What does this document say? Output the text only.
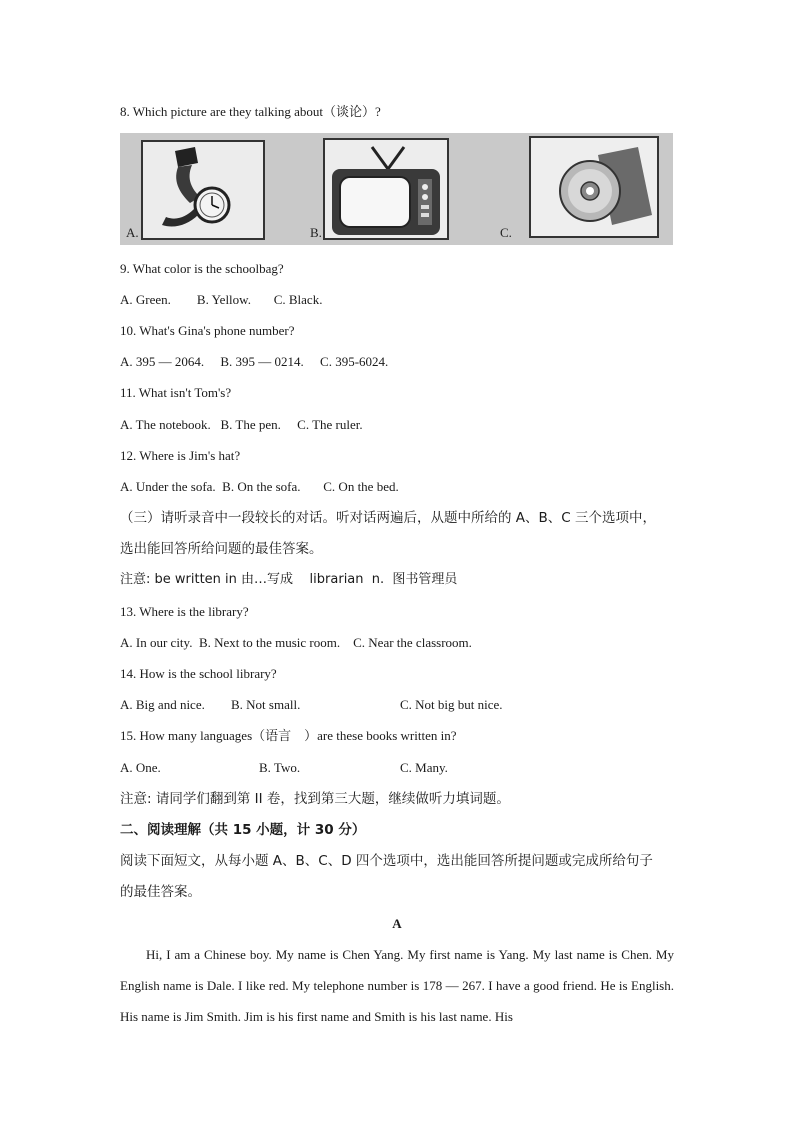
8. Which picture are they talking about（谈论）?
A.	B.	C.
9. What color is the schoolbag?
A. Green.        B. Yellow.       C. Black.
10. What's Gina's phone number?
A. 395 — 2064.     B. 395 — 0214.     C. 395-6024.
11. What isn't Tom's?
A. The notebook.   B. The pen.     C. The ruler.
12. Where is Jim's hat?
A. Under the sofa.  B. On the sofa.       C. On the bed.
（三）请听录音中一段较长的对话。听对话两遍后，从题中所给的 A、B、C 三个选项中，
选出能回答所给问题的最佳答案。
注意: be written in 由…写成    librarian  n.  图书管理员
13. Where is the library?
A. In our city.  B. Next to the music room.    C. Near the classroom.
14. How is the school library?
A. Big and nice. B. Not small.	C. Not big but nice.
15. How many languages（语言    ）are these books written in?
A. One.	B. Two.	C. Many.
注意: 请同学们翻到第 II 卷，找到第三大题，继续做听力填词题。
二、阅读理解（共 15 小题，计 30 分）
阅读下面短文，从每小题 A、B、C、D 四个选项中，选出能回答所提问题或完成所给句子
的最佳答案。
A

Hi, I am a Chinese boy. My name is Chen Yang. My first name is Yang. My last name is Chen. My English name is Dale. I like red. My telephone number is 178 — 267. I have a good friend. He is English. His name is Jim Smith. Jim is his first name and Smith is his last name. His
